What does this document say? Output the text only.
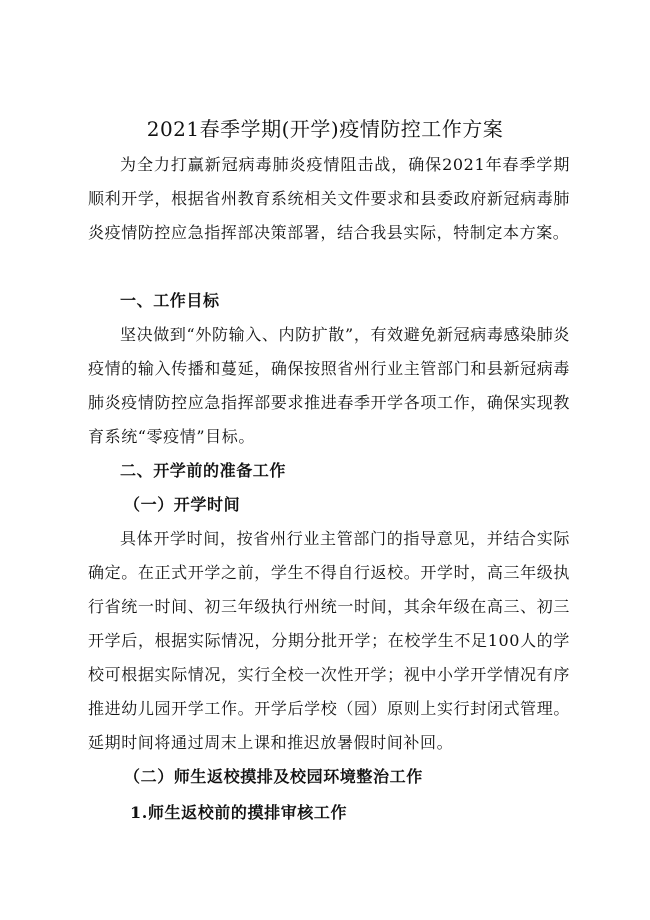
2021春季学期(开学)疫情防控工作方案

为全力打赢新冠病毒肺炎疫情阻击战，确保2021年春季学期顺利开学，根据省州教育系统相关文件要求和县委政府新冠病毒肺炎疫情防控应急指挥部决策部署，结合我县实际，特制定本方案。

一、工作目标

坚决做到“外防输入、内防扩散”，有效避免新冠病毒感染肺炎疫情的输入传播和蔓延，确保按照省州行业主管部门和县新冠病毒肺炎疫情防控应急指挥部要求推进春季开学各项工作，确保实现教育系统“零疫情”目标。

二、开学前的准备工作
（一）开学时间

具体开学时间，按省州行业主管部门的指导意见，并结合实际确定。在正式开学之前，学生不得自行返校。开学时，高三年级执行省统一时间、初三年级执行州统一时间，其余年级在高三、初三开学后，根据实际情况，分期分批开学；在校学生不足100人的学校可根据实际情况，实行全校一次性开学；视中小学开学情况有序推进幼儿园开学工作。开学后学校（园）原则上实行封闭式管理。延期时间将通过周末上课和推迟放暑假时间补回。

（二）师生返校摸排及校园环境整治工作
1.师生返校前的摸排审核工作
